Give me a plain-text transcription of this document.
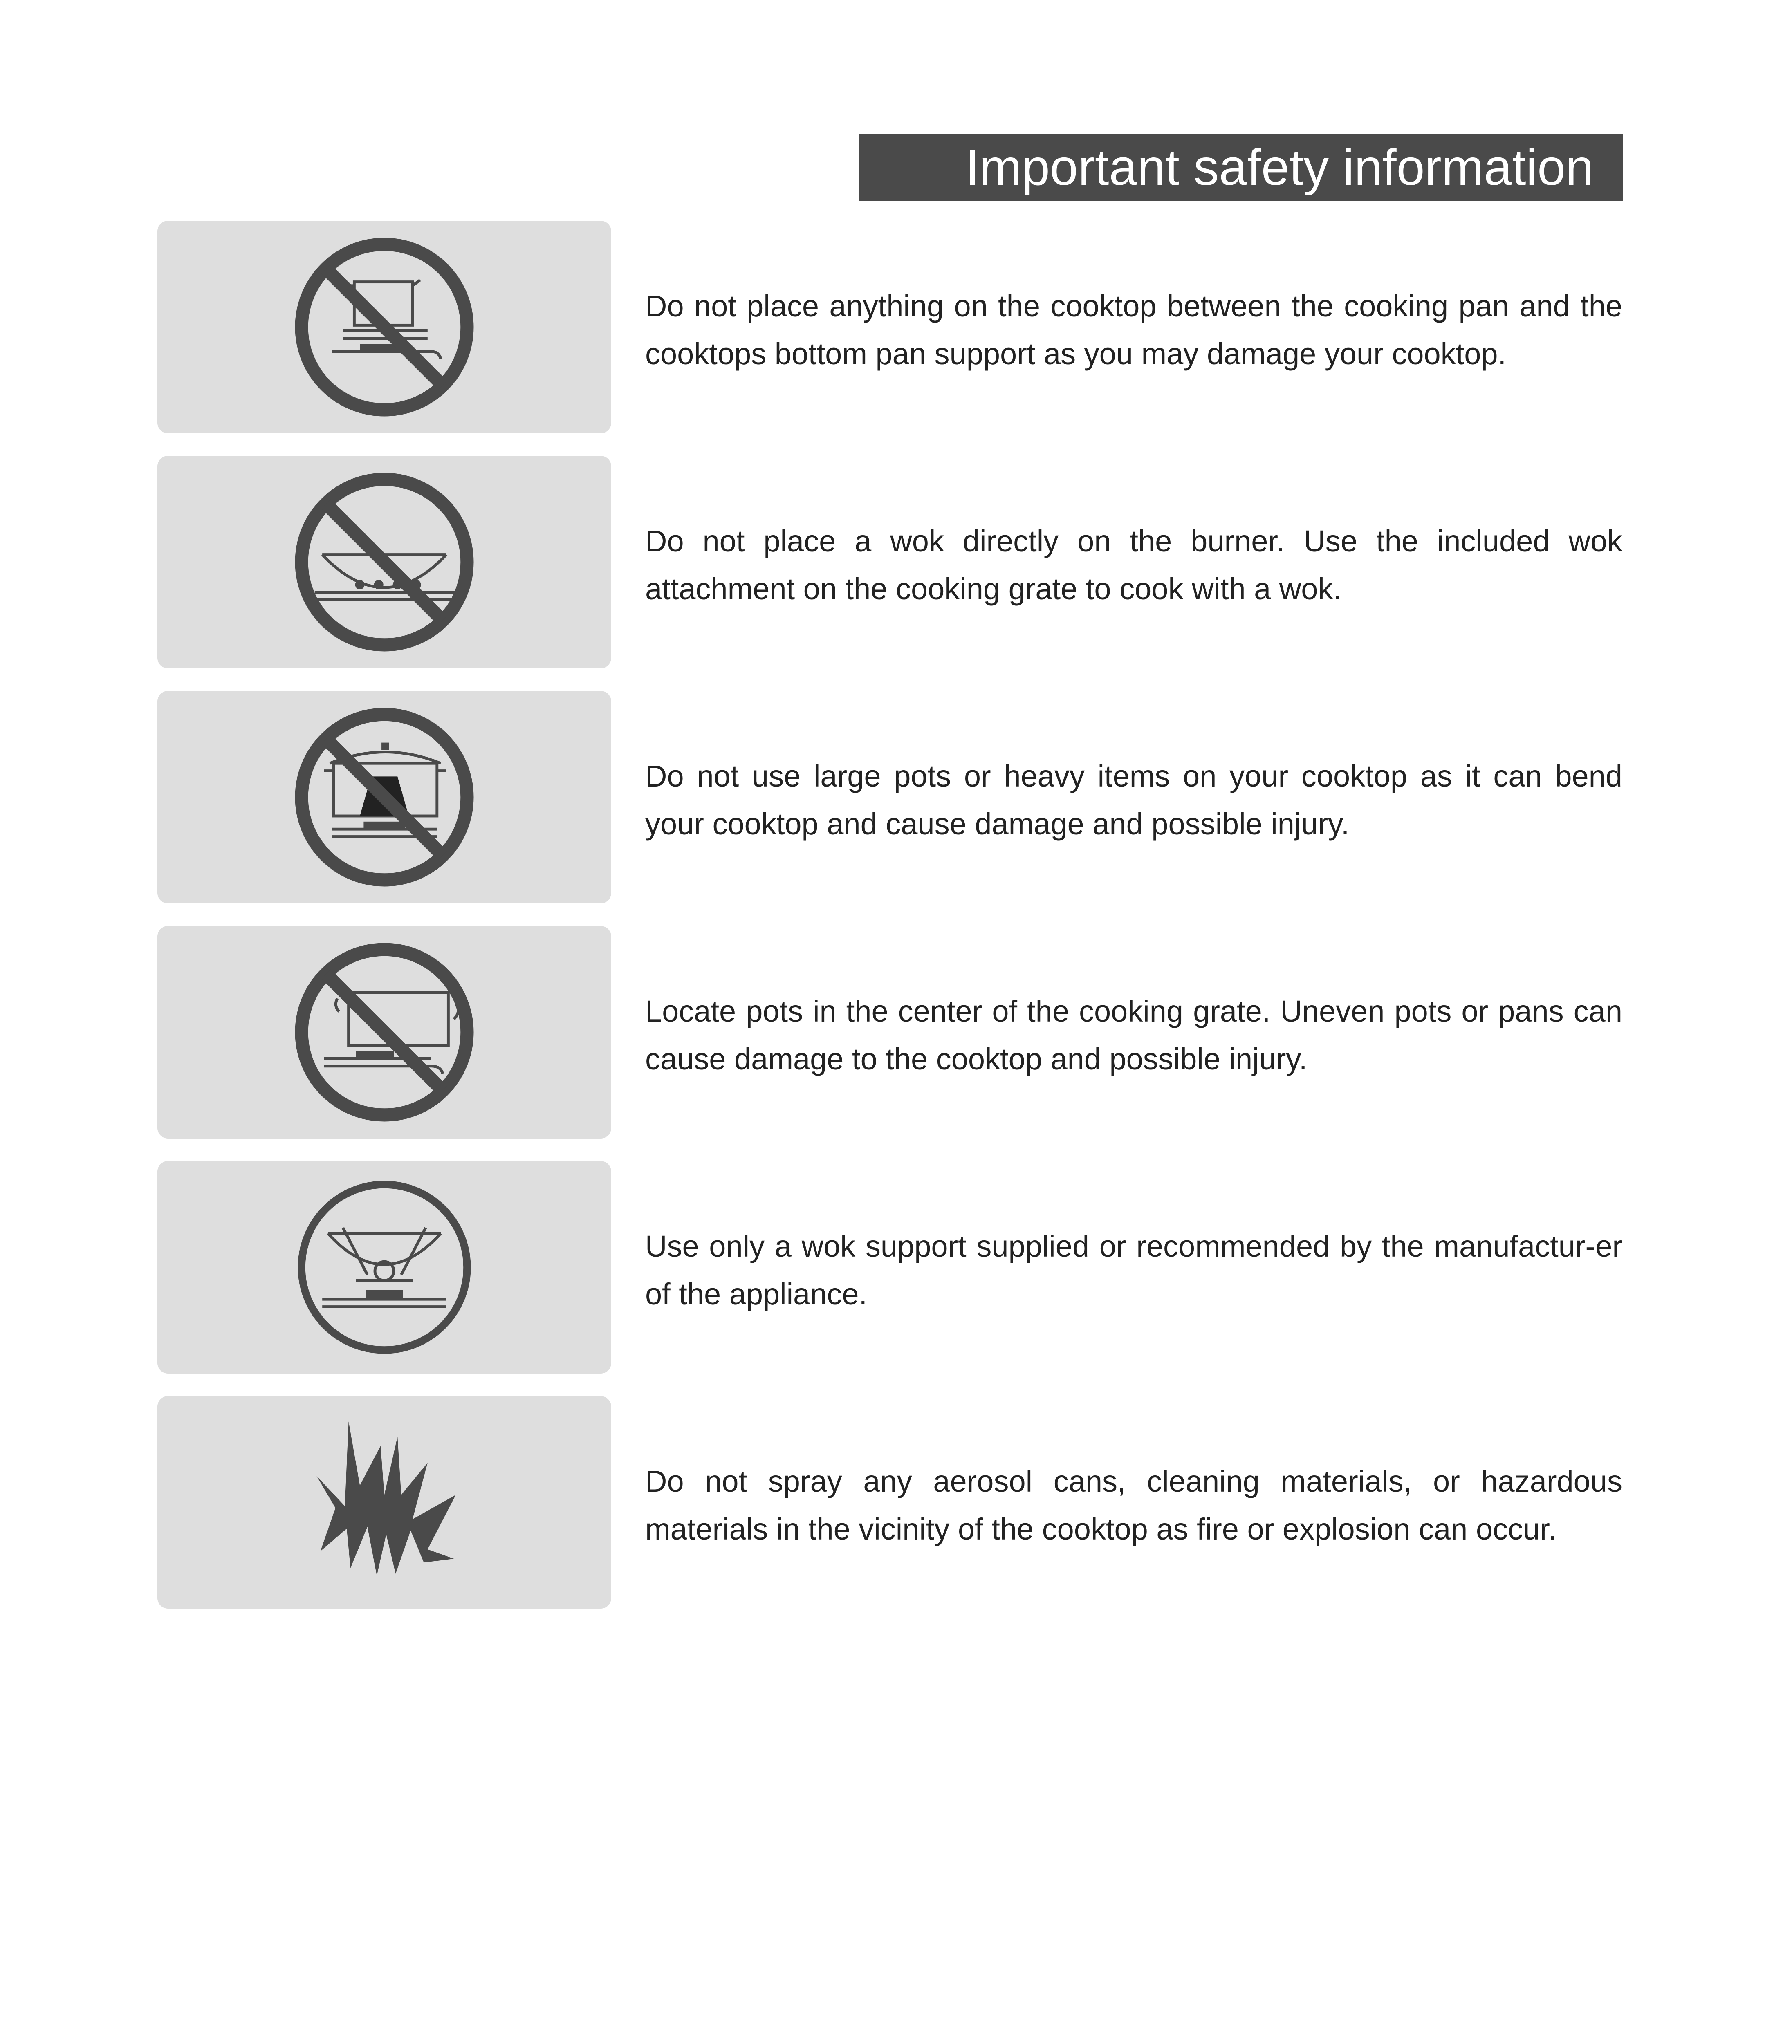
Important safety information
Do not place anything on the cooktop between the cooking pan and the cooktops bottom pan support as you may damage your cooktop.
Do not place a wok directly on the burner. Use the included wok attachment on the cooking grate to cook with a wok.
Do not use large pots or heavy items on your cooktop as it can bend your cooktop and cause damage and possible injury.
Locate pots in the center of the cooking grate. Uneven pots or pans can cause damage to the cooktop and possible injury.
Use only a wok support supplied or recommended by the manufactur-er of the appliance.
Do not spray any aerosol cans, cleaning materials, or hazardous materials in the vicinity of the cooktop as fire or explosion can occur.
